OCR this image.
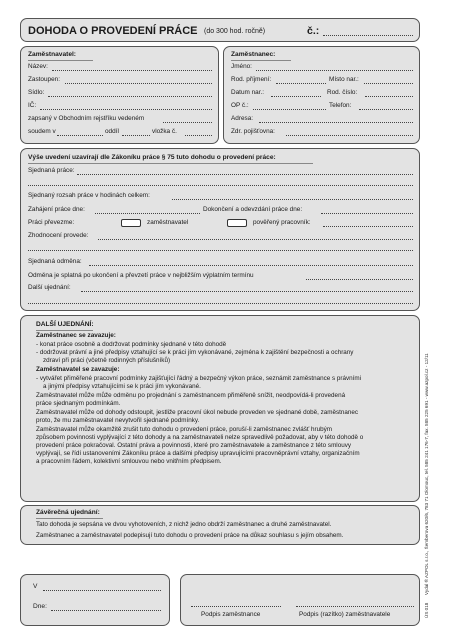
DOHODA O PROVEDENÍ PRÁCE (do 300 hod. ročně)	č.:
Zaměstnavatel:
Název:
Zastoupen:
Sídlo:
IČ:
zapsaný v Obchodním rejstříku vedeném
soudem v	oddíl	vložka č.
Zaměstnanec:
Jméno:
Rod. příjmení:	Místo nar.:
Datum nar.:	Rod. číslo:
OP č.:	Telefon:
Adresa:
Zdr. pojišťovna:
Výše uvedení uzavírají dle Zákoníku práce § 75 tuto dohodu o provedení práce:
Sjednaná práce:
Sjednaný rozsah práce v hodinách celkem:
Zahájení práce dne:	Dokončení a odevzdání práce dne:
Práci převezme:	zaměstnavatel	pověřený pracovník:
Zhodnocení provede:
Sjednaná odměna:
Odměna je splatná po ukončení a převzetí práce v nejbližším výplatním termínu
Další ujednání:
DALŠÍ UJEDNÁNÍ:
Zaměstnanec se zavazuje:
- konat práce osobně a dodržovat podmínky sjednané v této dohodě
- dodržovat právní a jiné předpisy vztahující se k práci jím vykonávané, zejména k zajištění bezpečnosti a ochrany
zdraví při práci (včetně rodinných příslušníků)
Zaměstnavatel se zavazuje:
- vytvářet přiměřené pracovní podmínky zajišťující řádný a bezpečný výkon práce, seznámit zaměstnance s právními
a jinými předpisy vztahujícími se k práci jím vykonávané.
Zaměstnavatel může může odměnu po projednání s zaměstnancem přiměřeně snížit, neodpovídá-li provedená
práce sjednaným podmínkám.
Zaměstnavatel může od dohody odstoupit, jestliže pracovní úkol nebude proveden ve sjednané době, zaměstnanec
proto, že mu zaměstnavatel nevytvořil sjednané podmínky.
Zaměstnavatel může okamžitě zrušit tuto dohodu o provedení práce, poruší-li zaměstnanec zvlášť hrubým
způsobem povinnosti vyplývající z této dohody a na zaměstnavateli nelze spravedlivě požadovat, aby v této dohodě o
provedení práce pokračoval. Ostatní práva a povinnosti, které pro zaměstnavatele a zaměstnance z této smlouvy
vyplývají, se řídí ustanoveními Zákoníku práce a dalšími předpisy upravujícími pracovněprávní vztahy, organizačním
a pracovním řádem, kolektivní smlouvou nebo vnitřním předpisem.
Závěrečná ujednání:
Tato dohoda je sepsána ve dvou vyhotoveních, z nichž jedno obdrží zaměstnanec a druhé zaměstnavatel.
Zaměstnanec a zaměstnavatel podepisují tuto dohodu o provedení práce na důkaz souhlasu s jejím obsahem.
V
Dne:
Podpis zaměstnance	Podpis (razítko) zaměstnavatele	ÚS 018
Vydal ® AZPOL s.r.o., Šemberova 620/6, 783 71 Olomouc, tel. 585 241 176-7, fax. 585 225 691 - www.azpol.cz - 12/11
